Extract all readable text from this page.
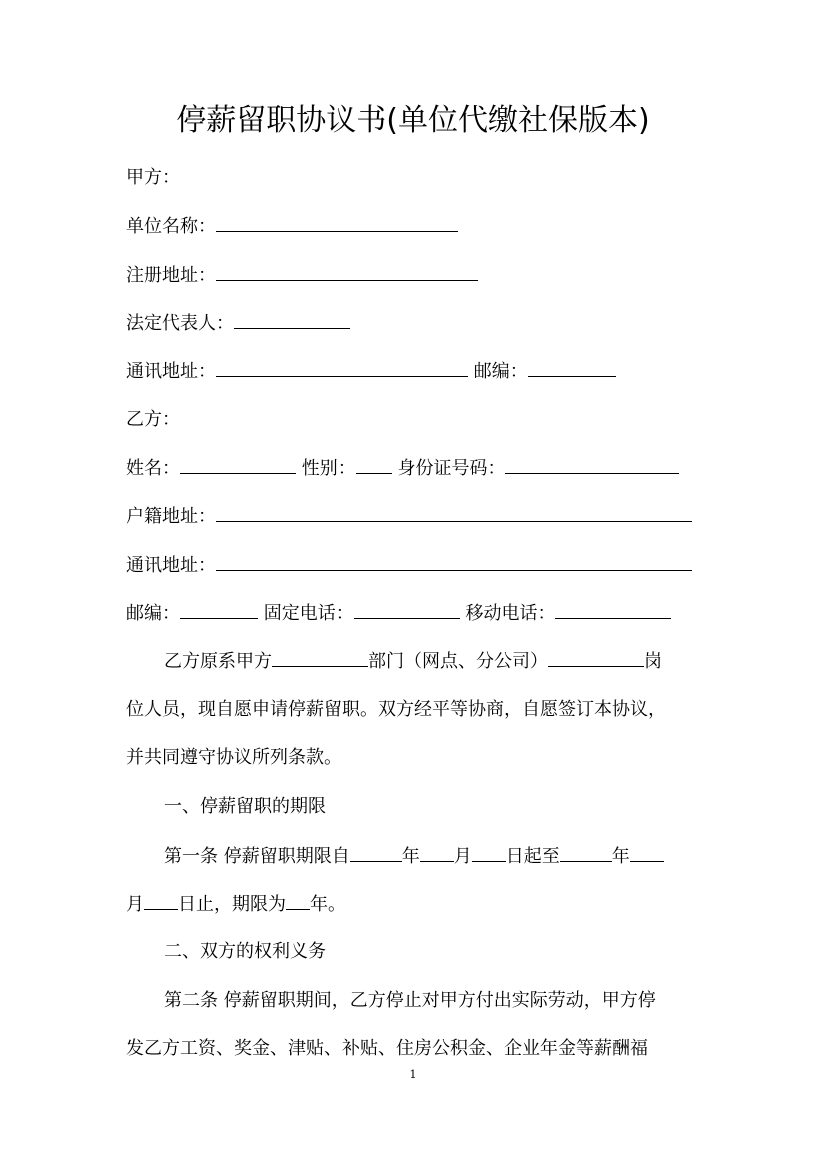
停薪留职协议书(单位代缴社保版本)
甲方：
单位名称：
注册地址：
法定代表人：
通讯地址：	邮编：
乙方：
姓名：	性别： 身份证号码：
户籍地址：
通讯地址：
邮编：	固定电话：	移动电话：
乙方原系甲方	部门（网点、分公司）	岗
位人员，现自愿申请停薪留职。双方经平等协商，自愿签订本协议，
并共同遵守协议所列条款。
一、停薪留职的期限
第一条 停薪留职期限自	年 月 日起至	年
月 日止，期限为 年。
二、双方的权利义务
第二条 停薪留职期间，乙方停止对甲方付出实际劳动，甲方停
发乙方工资、奖金、津贴、补贴、住房公积金、企业年金等薪酬福
1
